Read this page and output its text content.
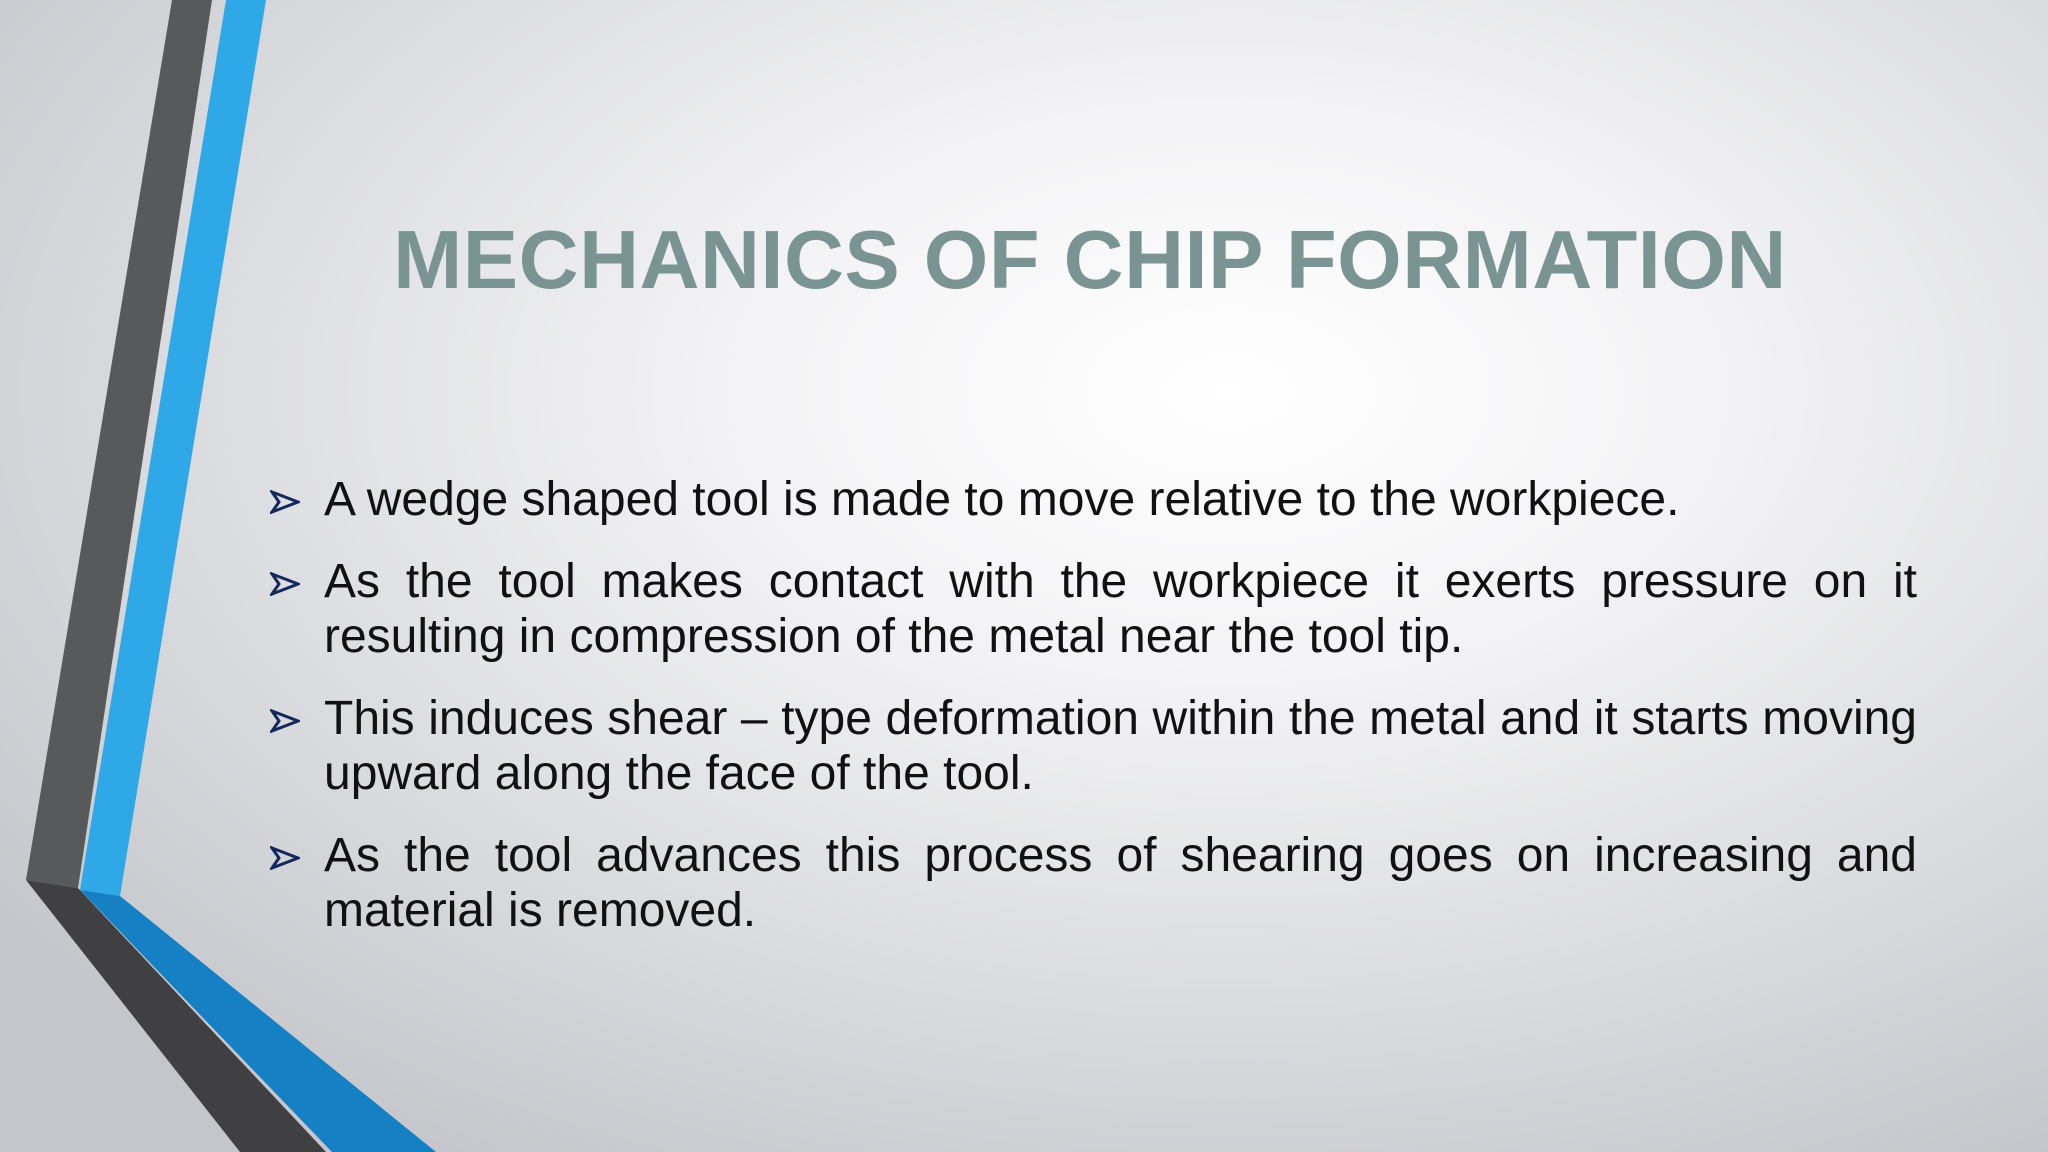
MECHANICS OF CHIP FORMATION
A wedge shaped tool is made to move relative to the workpiece.
As the tool makes contact with the workpiece it exerts pressure on it resulting in compression of the metal near the tool tip.
This induces shear – type deformation within the metal and it starts moving upward along the face of the tool.
As the tool advances this process of shearing goes on increasing and material is removed.
